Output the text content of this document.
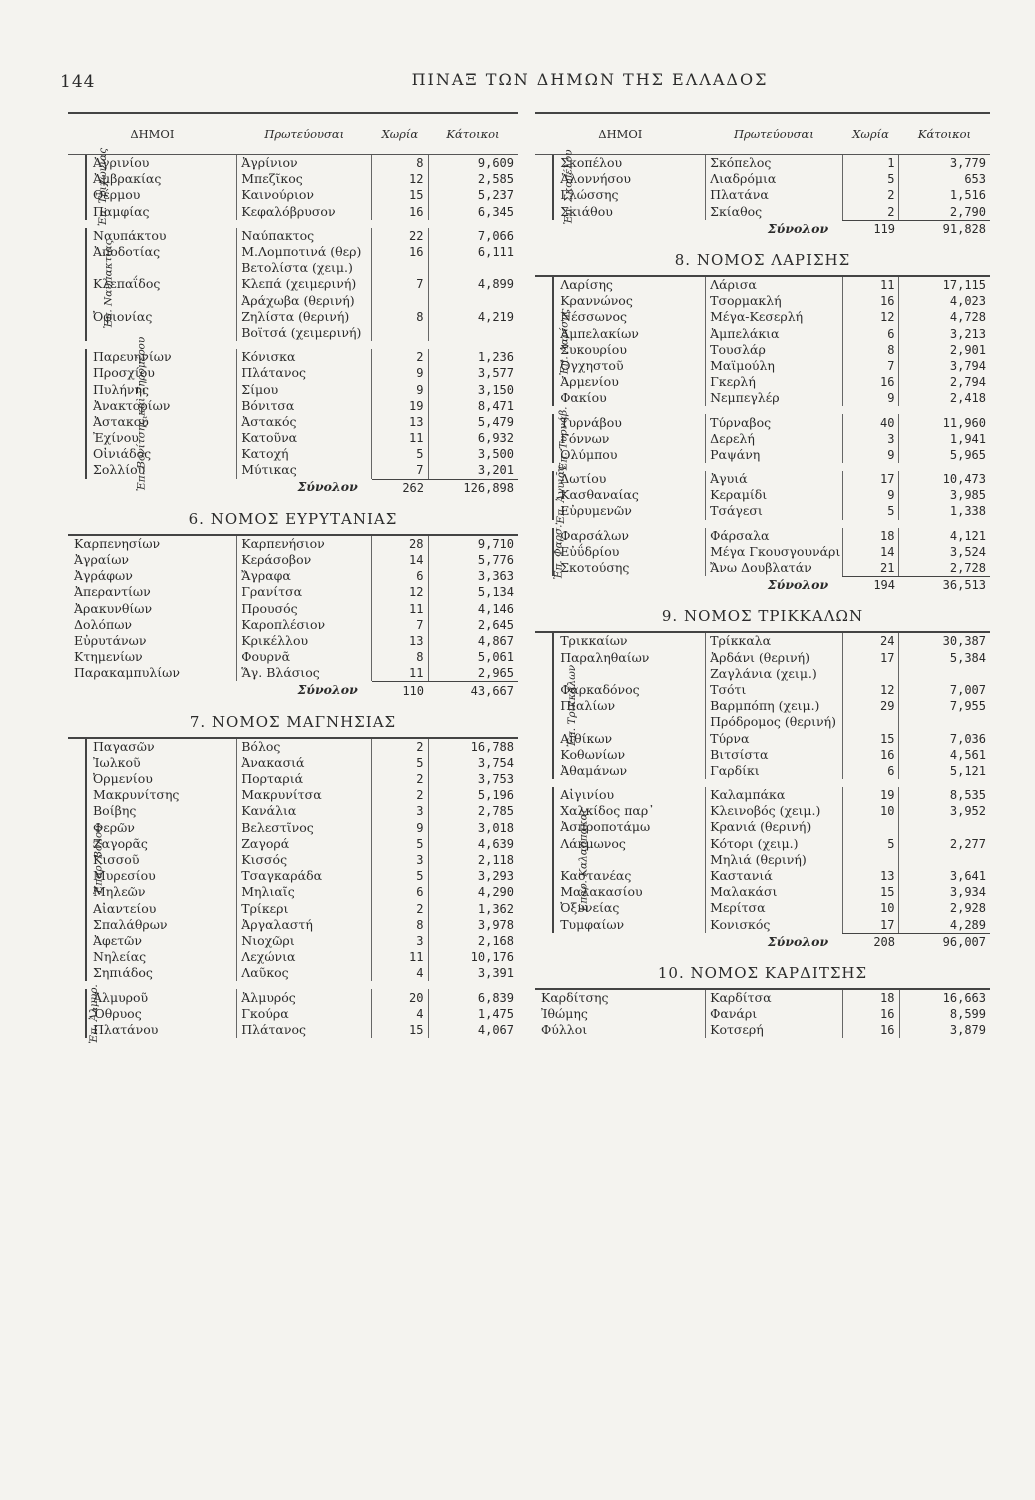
144	ΠΙΝΑΞ ΤΩΝ ΔΗΜΩΝ ΤΗΣ ΕΛΛΑΔΟΣ
ΔΗΜΟΙ	Πρωτεύουσαι	Χωρία	Κάτοικοι
Ἐπ. Τριχωνίας	Ἀγρινίου	Ἀγρίνιον	8	9,609
	Ἀμβρακίας	Μπεζῖκος	12	2,585
	Θέρμου	Καινούριον	15	5,237
	Παμφίας	Κεφαλόβρυσον	16	6,345

Ἐπ. Ναυπακτίας	Ναυπάκτου	Ναύπακτος	22	7,066
	Ἀποδοτίας	Μ.Λομποτινά (θερ)	16	6,111
		Βετολίστα (χειμ.)		
	Κλεπαΐδος	Κλεπά (χειμερινή)	7	4,899
		Ἀράχωβα (θερινή)		
	Ὀφιονίας	Ζηλίστα (θερινή)	8	4,219
		Βοϊτσά (χειμερινή)		

Ἐπ. Βονίτσης καὶ Ξηρομέρου	Παρευηνίων	Κόνισκα	2	1,236
	Προσχίου	Πλάτανος	9	3,577
	Πυλήνης	Σίμου	9	3,150
	Ἀνακτορίων	Βόνιτσα	19	8,471
	Ἀστακοῦ	Ἀστακός	13	5,479
	Ἐχίνου	Κατοῦνα	11	6,932
	Οἰνιάδος	Κατοχή	5	3,500
	Σολλίου	Μύτικας	7	3,201
Σύνολον	262	126,898
6. ΝΟΜΟΣ ΕΥΡΥΤΑΝΙΑΣ
Καρπενησίων	Καρπενήσιον	28	9,710
Ἀγραίων	Κεράσοβον	14	5,776
Ἀγράφων	Ἄγραφα	6	3,363
Ἀπεραντίων	Γρανίτσα	12	5,134
Ἀρακυνθίων	Προυσός	11	4,146
Δολόπων	Καροπλέσιον	7	2,645
Εὐρυτάνων	Κρικέλλου	13	4,867
Κτημενίων	Φουρνᾶ	8	5,061
Παρακαμπυλίων	Ἅγ. Βλάσιος	11	2,965
Σύνολον	110	43,667
7. ΝΟΜΟΣ ΜΑΓΝΗΣΙΑΣ
Ἐπαρ. Βόλου	Παγασῶν	Βόλος	2	16,788
	Ἰωλκοῦ	Ἀνακασιά	5	3,754
	Ὀρμενίου	Πορταριά	2	3,753
	Μακρυνίτσης	Μακρυνίτσα	2	5,196
	Βοίβης	Κανάλια	3	2,785
	Φερῶν	Βελεστῖνος	9	3,018
	Ζαγορᾶς	Ζαγορά	5	4,639
	Κισσοῦ	Κισσός	3	2,118
	Μυρεσίου	Τσαγκαράδα	5	3,293
	Μηλεῶν	Μηλιαῖς	6	4,290
	Αἰαντείου	Τρίκερι	2	1,362
	Σπαλάθρων	Ἀργαλαστή	8	3,978
	Ἀφετῶν	Νιοχῶρι	3	2,168
	Νηλείας	Λεχώνια	11	10,176
	Σηπιάδος	Λαῦκος	4	3,391

Ἐπ. Ἀλμυρ.	Ἀλμυροῦ	Ἀλμυρός	20	6,839
	Ὄθρυος	Γκούρα	4	1,475
	Πλατάνου	Πλάτανος	15	4,067
ΔΗΜΟΙ	Πρωτεύουσαι	Χωρία	Κάτοικοι
Ἐπ. Σκοπέλου	Σκοπέλου	Σκόπελος	1	3,779
	Ἀλοννήσου	Λιαδρόμια	5	653
	Γλώσσης	Πλατάνα	2	1,516
	Σκιάθου	Σκίαθος	2	2,790
Σύνολον	119	91,828
8. ΝΟΜΟΣ ΛΑΡΙΣΗΣ
Ἐπ. Λαρίσης	Λαρίσης	Λάρισα	11	17,115
	Κραννώνος	Τσορμακλή	16	4,023
	Νέσσωνος	Μέγα-Κεσερλή	12	4,728
	Ἀμπελακίων	Ἀμπελάκια	6	3,213
	Συκουρίου	Τουσλάρ	8	2,901
	Ὀγχηστοῦ	Μαϊμούλη	7	3,794
	Ἀρμενίου	Γκερλή	16	2,794
	Φακίου	Νεμπεγλέρ	9	2,418

Ἐπ. Τυρνάβ.	Τυρνάβου	Τύρναβος	40	11,960
	Γόννων	Δερελή	3	1,941
	Ὀλύμπου	Ραψάνη	9	5,965

Ἐπ. Ἀγυιᾶς	Δωτίου	Ἀγυιά	17	10,473
	Κασθαναίας	Κεραμίδι	9	3,985
	Εὐρυμενῶν	Τσάγεσι	5	1,338

Ἐπ. Φαρσ.	Φαρσάλων	Φάρσαλα	18	4,121
	Εὐΰδρίου	Μέγα Γκουσγουνάρι	14	3,524
	Σκοτούσης	Ἄνω Δουβλατάν	21	2,728
Σύνολον	194	36,513
9. ΝΟΜΟΣ ΤΡΙΚΚΑΛΩΝ
Ἐπ. Τρικκάλων	Τρικκαίων	Τρίκκαλα	24	30,387
	Παραληθαίων	Ἀρδάνι (θερινή)	17	5,384
		Ζαγλάνια (χειμ.)		
	Φαρκαδόνος	Τσότι	12	7,007
	Πιαλίων	Βαρμπόπη (χειμ.)	29	7,955
		Πρόδρομος (θερινή)		
	Αἰθίκων	Τύρνα	15	7,036
	Κοθωνίων	Βιτσίστα	16	4,561
	Ἀθαμάνων	Γαρδίκι	6	5,121

Ἐπαρ. Καλαμπάκας	Αἰγινίου	Καλαμπάκα	19	8,535
	Χαλκίδος παρ᾽	Κλεινοβός (χειμ.)	10	3,952
	Ἀσπροποτάμω	Κρανιά (θερινή)		
	Λάκμωνος	Κότορι (χειμ.)	5	2,277
		Μηλιά (θερινή)		
	Καστανέας	Καστανιά	13	3,641
	Μαλακασίου	Μαλακάσι	15	3,934
	Ὀξυνείας	Μερίτσα	10	2,928
	Τυμφαίων	Κονισκός	17	4,289
Σύνολον	208	96,007
10. ΝΟΜΟΣ ΚΑΡΔΙΤΣΗΣ
Καρδίτσης	Καρδίτσα	18	16,663
Ἰθώμης	Φανάρι	16	8,599
Φύλλοι	Κοτσερή	16	3,879
